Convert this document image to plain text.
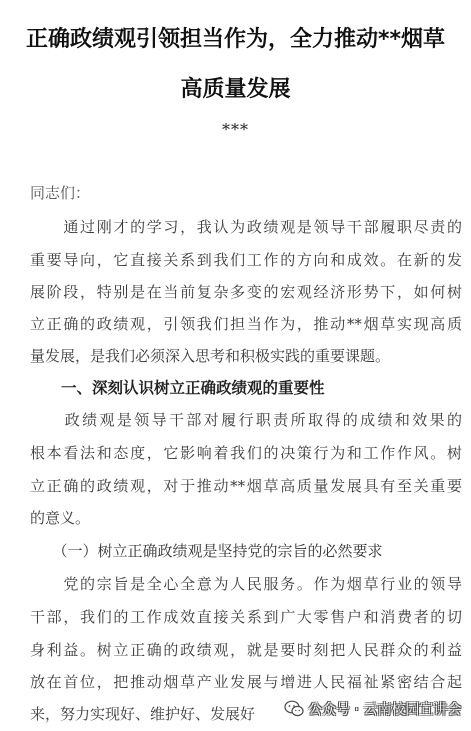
正确政绩观引领担当作为，全力推动**烟草
高质量发展
***
同志们：
　　通过刚才的学习，我认为政绩观是领导干部履职尽责的
重要导向，它直接关系到我们工作的方向和成效。在新的发
展阶段，特别是在当前复杂多变的宏观经济形势下，如何树
立正确的政绩观，引领我们担当作为，推动**烟草实现高质
量发展，是我们必须深入思考和积极实践的重要课题。
　　一、深刻认识树立正确政绩观的重要性
　　政绩观是领导干部对履行职责所取得的成绩和效果的
根本看法和态度，它影响着我们的决策行为和工作作风。树
立正确的政绩观，对于推动**烟草高质量发展具有至关重要
的意义。
　　（一）树立正确政绩观是坚持党的宗旨的必然要求
　　党的宗旨是全心全意为人民服务。作为烟草行业的领导
干部，我们的工作成效直接关系到广大零售户和消费者的切
身利益。树立正确的政绩观，就是要时刻把人民群众的利益
放在首位，把推动烟草产业发展与增进人民福祉紧密结合起
来，努力实现好、维护好、发展好	公众号 · 云南校园宣讲会
